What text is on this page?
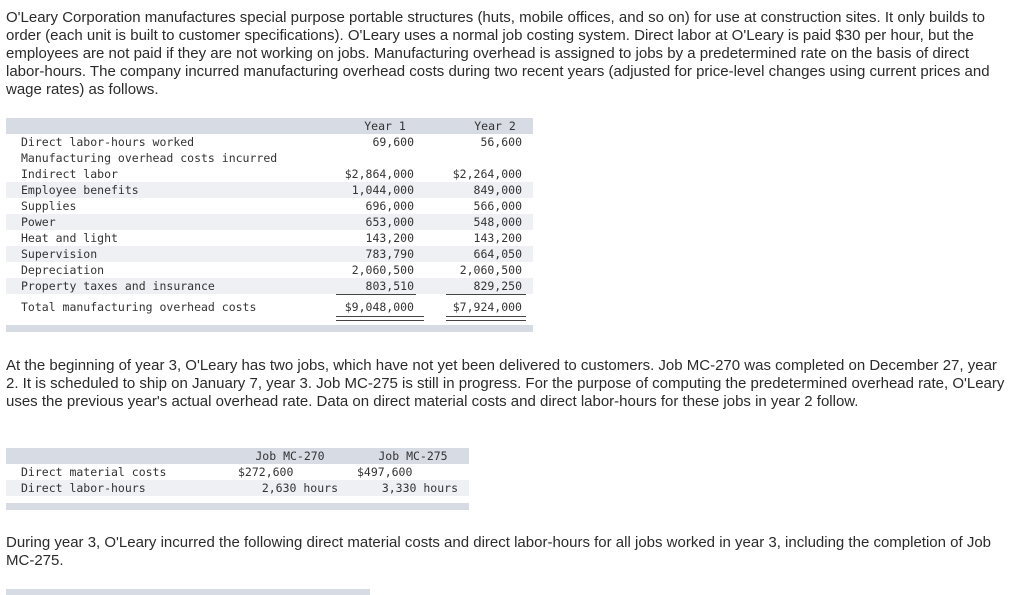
O'Leary Corporation manufactures special purpose portable structures (huts, mobile offices, and so on) for use at construction sites. It only builds to order (each unit is built to customer specifications). O'Leary uses a normal job costing system. Direct labor at O'Leary is paid $30 per hour, but the employees are not paid if they are not working on jobs. Manufacturing overhead is assigned to jobs by a predetermined rate on the basis of direct labor-hours. The company incurred manufacturing overhead costs during two recent years (adjusted for price-level changes using current prices and wage rates) as follows.

Year 1	Year 2
Direct labor-hours worked	69,600	56,600
Manufacturing overhead costs incurred
Indirect labor	$2,864,000	$2,264,000
Employee benefits	1,044,000	849,000
Supplies	696,000	566,000
Power	653,000	548,000
Heat and light	143,200	143,200
Supervision	783,790	664,050
Depreciation	2,060,500	2,060,500
Property taxes and insurance	803,510	829,250
Total manufacturing overhead costs	$9,048,000	$7,924,000

At the beginning of year 3, O'Leary has two jobs, which have not yet been delivered to customers. Job MC-270 was completed on December 27, year 2. It is scheduled to ship on January 7, year 3. Job MC-275 is still in progress. For the purpose of computing the predetermined overhead rate, O'Leary uses the previous year's actual overhead rate. Data on direct material costs and direct labor-hours for these jobs in year 2 follow.

Job MC-270	Job MC-275
Direct material costs	$272,600	$497,600
Direct labor-hours	2,630 hours	3,330 hours

During year 3, O'Leary incurred the following direct material costs and direct labor-hours for all jobs worked in year 3, including the completion of Job MC-275.
